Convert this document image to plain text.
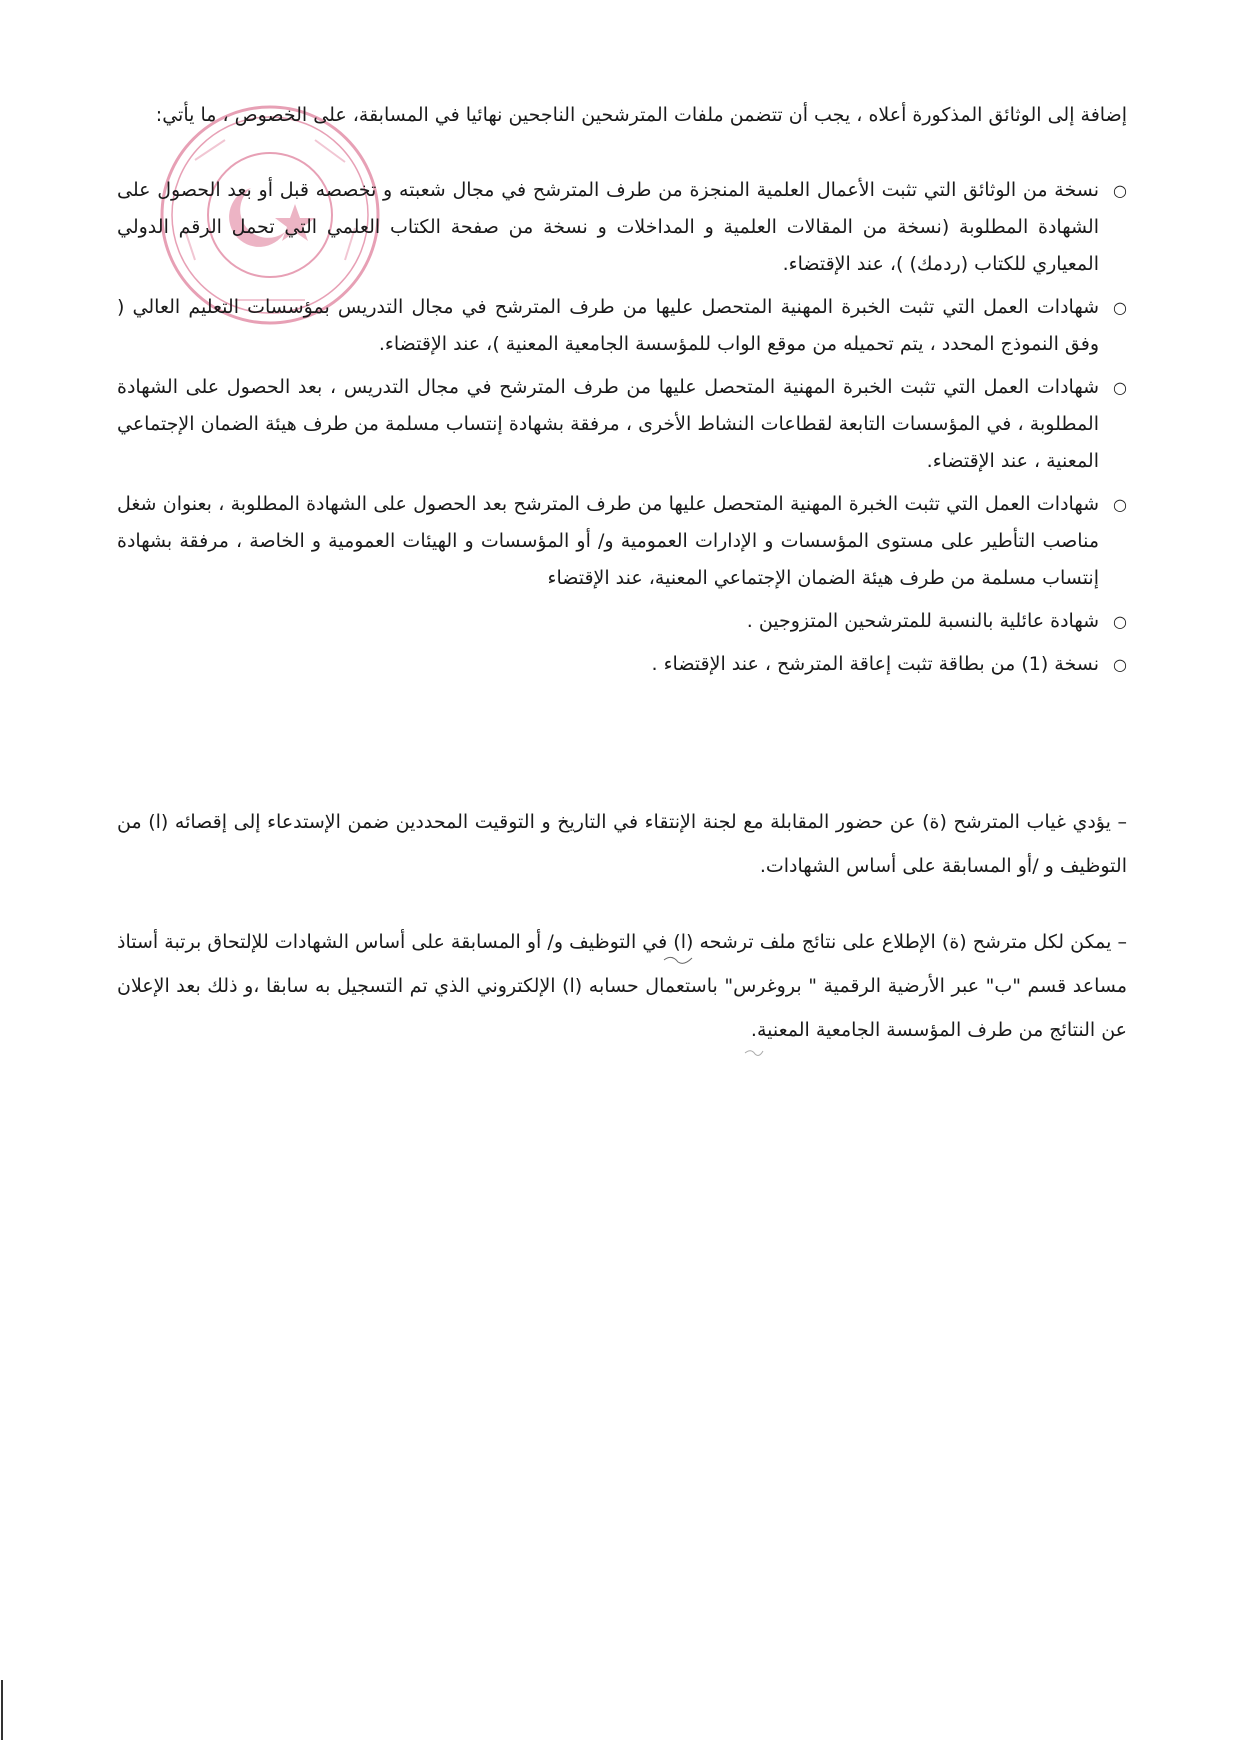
إضافة إلى الوثائق المذكورة أعلاه ، يجب أن تتضمن ملفات المترشحين الناجحين نهائيا في المسابقة، على الخصوص ، ما يأتي:
○
نسخة من الوثائق التي تثبت الأعمال العلمية المنجزة من طرف المترشح في مجال شعبته و تخصصه قبل أو بعد الحصول على الشهادة المطلوبة (نسخة من المقالات العلمية و المداخلات و نسخة من صفحة الكتاب العلمي التي تحمل الرقم الدولي المعياري للكتاب (ردمك) )، عند الإقتضاء.
○
شهادات العمل التي تثبت الخبرة المهنية المتحصل عليها من طرف المترشح في مجال التدريس بمؤسسات التعليم العالي ( وفق النموذج المحدد ، يتم تحميله من موقع الواب للمؤسسة الجامعية المعنية )، عند الإقتضاء.
○
شهادات العمل التي تثبت الخبرة المهنية المتحصل عليها من طرف المترشح في مجال التدريس ، بعد الحصول على الشهادة المطلوبة ، في المؤسسات التابعة لقطاعات النشاط الأخرى ، مرفقة بشهادة إنتساب مسلمة من طرف هيئة الضمان الإجتماعي المعنية ، عند الإقتضاء.
○
شهادات العمل التي تثبت الخبرة المهنية المتحصل عليها من طرف المترشح بعد الحصول على الشهادة المطلوبة ، بعنوان شغل مناصب التأطير على مستوى المؤسسات و الإدارات العمومية و/ أو المؤسسات و الهيئات العمومية و الخاصة ، مرفقة بشهادة إنتساب مسلمة من طرف هيئة الضمان الإجتماعي المعنية، عند الإقتضاء
○
شهادة عائلية بالنسبة للمترشحين المتزوجين .
○
نسخة (1) من بطاقة تثبت إعاقة المترشح ، عند الإقتضاء .
– يؤدي غياب المترشح (ة) عن حضور المقابلة مع لجنة الإنتقاء في التاريخ و التوقيت المحددين ضمن الإستدعاء إلى إقصائه (ا) من التوظيف و /أو المسابقة على أساس الشهادات.
– يمكن لكل مترشح (ة) الإطلاع على نتائج ملف ترشحه (ا) في التوظيف و/ أو المسابقة على أساس الشهادات للإلتحاق برتبة أستاذ مساعد قسم "ب" عبر الأرضية الرقمية " بروغرس" باستعمال حسابه (ا) الإلكتروني الذي تم التسجيل به سابقا ،و ذلك بعد الإعلان عن النتائج من طرف المؤسسة الجامعية المعنية.
